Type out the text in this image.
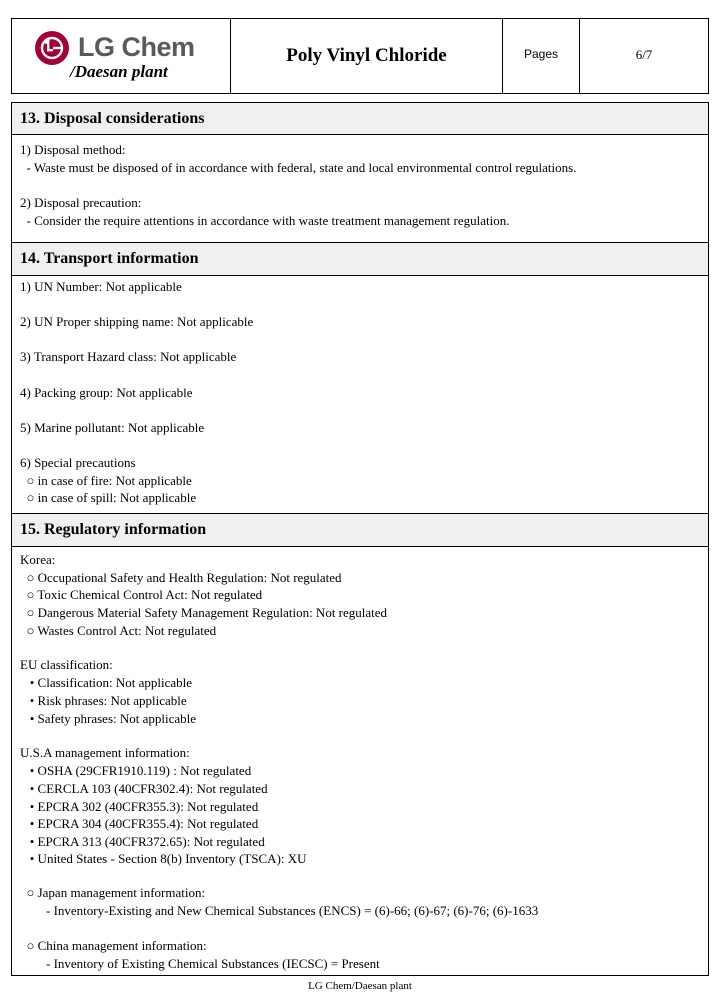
LG Chem
/Daesan plant
Poly Vinyl Chloride	Pages	6/7
13. Disposal considerations
1) Disposal method:
- Waste must be disposed of in accordance with federal, state and local environmental control regulations.
2) Disposal precaution:
- Consider the require attentions in accordance with waste treatment management regulation.
14. Transport information
1) UN Number: Not applicable
2) UN Proper shipping name: Not applicable
3) Transport Hazard class: Not applicable
4) Packing group: Not applicable
5) Marine pollutant: Not applicable
6) Special precautions
○ in case of fire: Not applicable
○ in case of spill: Not applicable
15. Regulatory information
Korea:
○ Occupational Safety and Health Regulation: Not regulated
○ Toxic Chemical Control Act: Not regulated
○ Dangerous Material Safety Management Regulation: Not regulated
○ Wastes Control Act: Not regulated
EU classification:
• Classification: Not applicable
• Risk phrases: Not applicable
• Safety phrases: Not applicable
U.S.A management information:
• OSHA (29CFR1910.119) : Not regulated
• CERCLA 103 (40CFR302.4): Not regulated
• EPCRA 302 (40CFR355.3): Not regulated
• EPCRA 304 (40CFR355.4): Not regulated
• EPCRA 313 (40CFR372.65): Not regulated
• United States - Section 8(b) Inventory (TSCA): XU
○ Japan management information:
- Inventory-Existing and New Chemical Substances (ENCS) = (6)-66; (6)-67; (6)-76; (6)-1633
○ China management information:
- Inventory of Existing Chemical Substances (IECSC) = Present
LG Chem/Daesan plant
